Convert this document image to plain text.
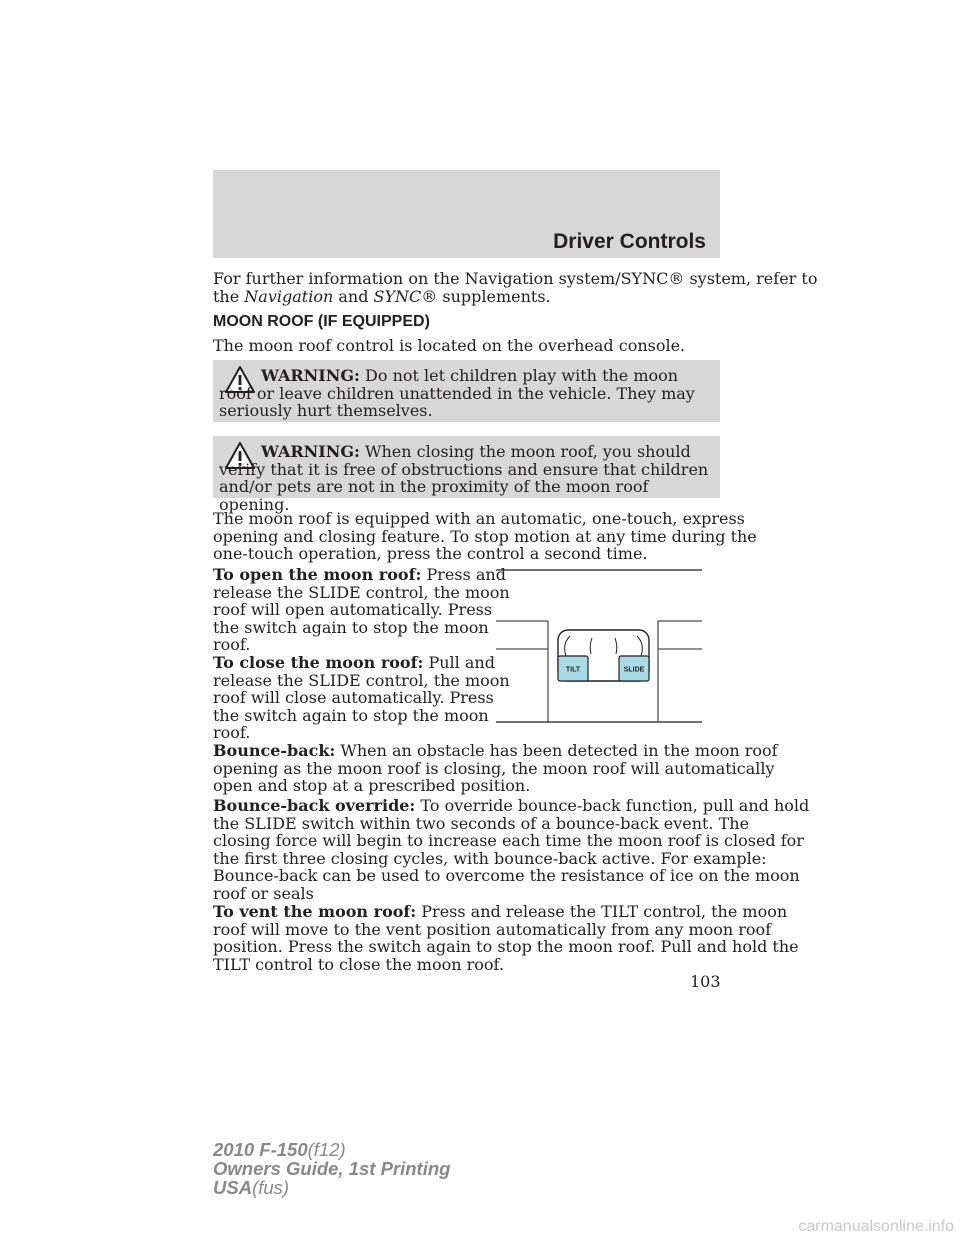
Driver Controls
For further information on the Navigation system/SYNC® system, refer to
the Navigation and SYNC® supplements.
MOON ROOF (IF EQUIPPED)
The moon roof control is located on the overhead console.
WARNING: Do not let children play with the moon roof or leave children unattended in the vehicle. They may seriously hurt themselves.
WARNING: When closing the moon roof, you should verify that it is free of obstructions and ensure that children and/or pets are not in the proximity of the moon roof opening.
The moon roof is equipped with an automatic, one-touch, express
opening and closing feature. To stop motion at any time during the
one-touch operation, press the control a second time.
To open the moon roof: Press and
release the SLIDE control, the moon
roof will open automatically. Press
the switch again to stop the moon
roof.
To close the moon roof: Pull and
release the SLIDE control, the moon
roof will close automatically. Press
the switch again to stop the moon
roof.
TILT	SLIDE
Bounce-back: When an obstacle has been detected in the moon roof
opening as the moon roof is closing, the moon roof will automatically
open and stop at a prescribed position.
Bounce-back override: To override bounce-back function, pull and hold
the SLIDE switch within two seconds of a bounce-back event. The
closing force will begin to increase each time the moon roof is closed for
the first three closing cycles, with bounce-back active. For example:
Bounce-back can be used to overcome the resistance of ice on the moon
roof or seals
To vent the moon roof: Press and release the TILT control, the moon
roof will move to the vent position automatically from any moon roof
position. Press the switch again to stop the moon roof. Pull and hold the
TILT control to close the moon roof.
103
2010 F-150(f12)
Owners Guide, 1st Printing
USA(fus)
carmanualsonline.info
